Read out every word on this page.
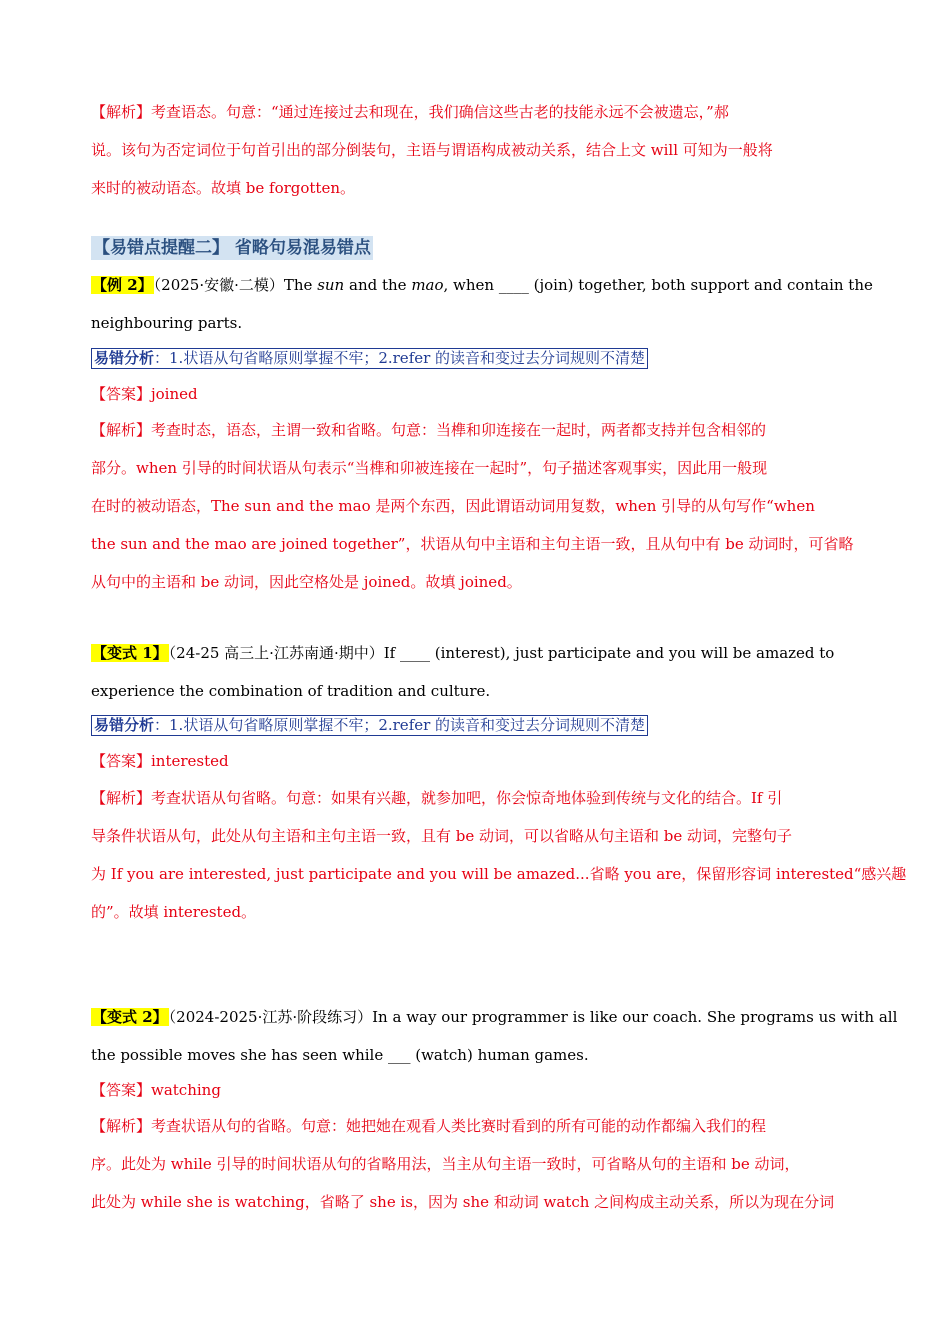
【解析】考查语态。句意：“通过连接过去和现在，我们确信这些古老的技能永远不会被遗忘，”郝
说。该句为否定词位于句首引出的部分倒装句，主语与谓语构成被动关系，结合上文 will 可知为一般将
来时的被动语态。故填 be forgotten。
【易错点提醒二】 省略句易混易错点
【例 2】（2025·安徽·二模）The sun and the mao, when ____ (join) together, both support and contain the
neighbouring parts.
易错分析：1.状语从句省略原则掌握不牢；2.refer 的读音和变过去分词规则不清楚
【答案】joined
【解析】考查时态，语态，主谓一致和省略。句意：当榫和卯连接在一起时，两者都支持并包含相邻的
部分。when 引导的时间状语从句表示“当榫和卯被连接在一起时”，句子描述客观事实，因此用一般现
在时的被动语态，The sun and the mao 是两个东西，因此谓语动词用复数，when 引导的从句写作“when
the sun and the mao are joined together”，状语从句中主语和主句主语一致，且从句中有 be 动词时，可省略
从句中的主语和 be 动词，因此空格处是 joined。故填 joined。
【变式 1】（24-25 高三上·江苏南通·期中）If ____ (interest), just participate and you will be amazed to
experience the combination of tradition and culture.
易错分析：1.状语从句省略原则掌握不牢；2.refer 的读音和变过去分词规则不清楚
【答案】interested
【解析】考查状语从句省略。句意：如果有兴趣，就参加吧，你会惊奇地体验到传统与文化的结合。If 引
导条件状语从句，此处从句主语和主句主语一致，且有 be 动词，可以省略从句主语和 be 动词，完整句子
为 If you are interested, just participate and you will be amazed...省略 you are，保留形容词 interested“感兴趣
的”。故填 interested。
【变式 2】（2024-2025·江苏·阶段练习）In a way our programmer is like our coach. She programs us with all
the possible moves she has seen while ___ (watch) human games.
【答案】watching
【解析】考查状语从句的省略。句意：她把她在观看人类比赛时看到的所有可能的动作都编入我们的程
序。此处为 while 引导的时间状语从句的省略用法，当主从句主语一致时，可省略从句的主语和 be 动词，
此处为 while she is watching，省略了 she is，因为 she 和动词 watch 之间构成主动关系，所以为现在分词
